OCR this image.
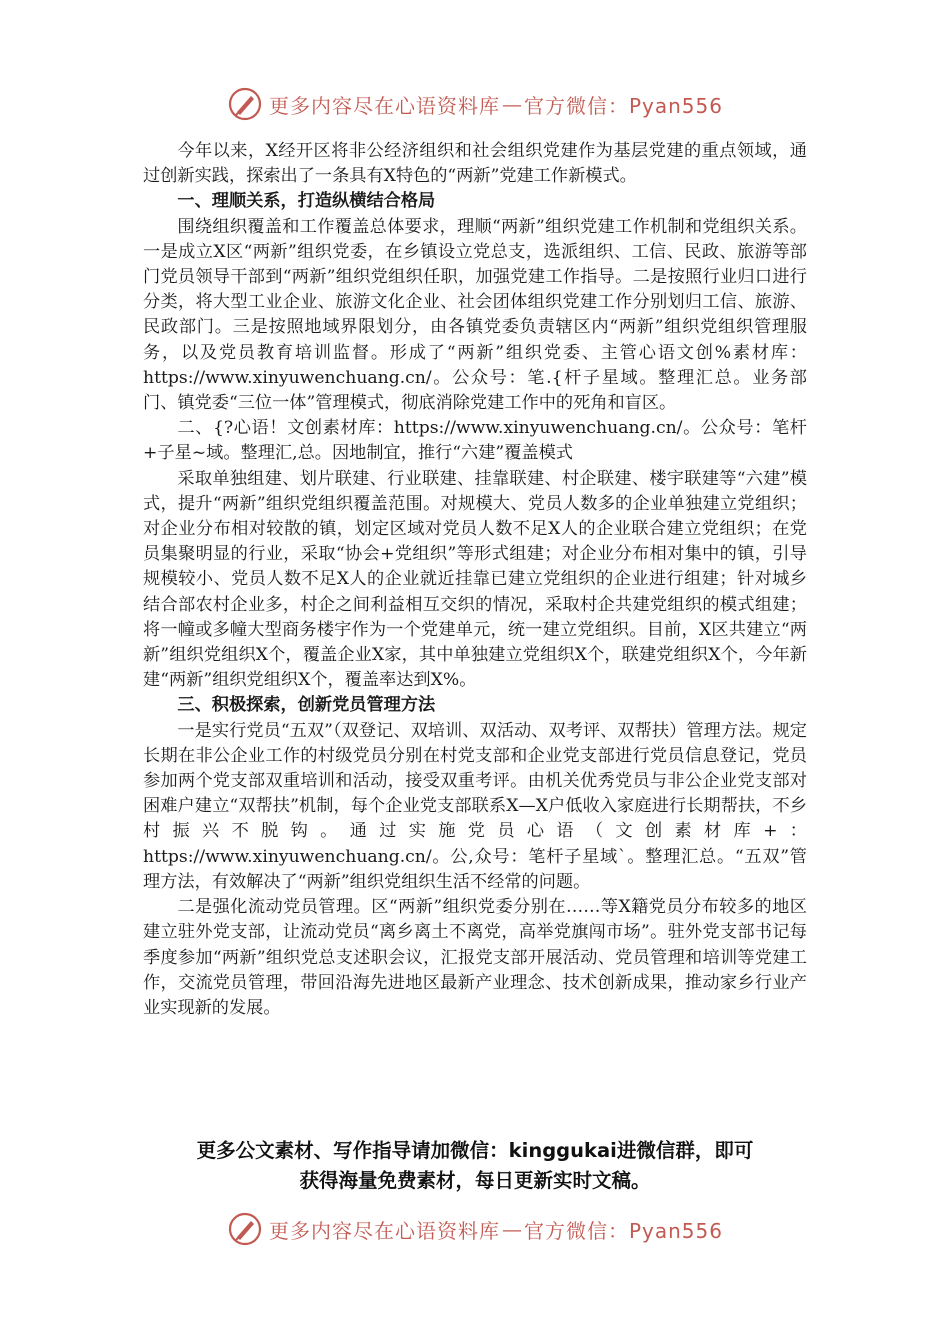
更多内容尽在心语资料库 — 官方微信：Pyan556

今年以来，X经开区将非公经济组织和社会组织党建作为基层党建的重点领域，通过创新实践，探索出了一条具有X特色的“两新”党建工作新模式。

一、理顺关系，打造纵横结合格局

围绕组织覆盖和工作覆盖总体要求，理顺“两新”组织党建工作机制和党组织关系。一是成立X区“两新”组织党委，在乡镇设立党总支，选派组织、工信、民政、旅游等部门党员领导干部到“两新”组织党组织任职，加强党建工作指导。二是按照行业归口进行分类，将大型工业企业、旅游文化企业、社会团体组织党建工作分别划归工信、旅游、民政部门。三是按照地域界限划分，由各镇党委负责辖区内“两新”组织党组织管理服务，以及党员教育培训监督。形成了“两新”组织党委、主管心语文创%素材库：https://www.xinyuwenchuang.cn/。公众号：笔.{杆子星域。整理汇总。业务部门、镇党委“三位一体”管理模式，彻底消除党建工作中的死角和盲区。

二、{?心语！文创素材库：https://www.xinyuwenchuang.cn/。公众号：笔杆+子星~域。整理汇,总。因地制宜，推行“六建”覆盖模式

采取单独组建、划片联建、行业联建、挂靠联建、村企联建、楼宇联建等“六建”模式，提升“两新”组织党组织覆盖范围。对规模大、党员人数多的企业单独建立党组织；对企业分布相对较散的镇，划定区域对党员人数不足X人的企业联合建立党组织；在党员集聚明显的行业，采取“协会+党组织”等形式组建；对企业分布相对集中的镇，引导规模较小、党员人数不足X人的企业就近挂靠已建立党组织的企业进行组建；针对城乡结合部农村企业多，村企之间利益相互交织的情况，采取村企共建党组织的模式组建；将一幢或多幢大型商务楼宇作为一个党建单元，统一建立党组织。目前，X区共建立“两新”组织党组织X个，覆盖企业X家，其中单独建立党组织X个，联建党组织X个，今年新建“两新”组织党组织X个，覆盖率达到X%。

三、积极探索，创新党员管理方法

一是实行党员“五双”（双登记、双培训、双活动、双考评、双帮扶）管理方法。规定长期在非公企业工作的村级党员分别在村党支部和企业党支部进行党员信息登记，党员参加两个党支部双重培训和活动，接受双重考评。由机关优秀党员与非公企业党支部对困难户建立“双帮扶”机制，每个企业党支部联系X—X户低收入家庭进行长期帮扶，不乡村振兴不脱钩。通过实施党员心语（文创素材库+：https://www.xinyuwenchuang.cn/。公,众号：笔杆子星域`。整理汇总。“五双”管理方法，有效解决了“两新”组织党组织生活不经常的问题。

二是强化流动党员管理。区“两新”组织党委分别在……等X籍党员分布较多的地区建立驻外党支部，让流动党员“离乡离土不离党，高举党旗闯市场”。驻外党支部书记每季度参加“两新”组织党总支述职会议，汇报党支部开展活动、党员管理和培训等党建工作，交流党员管理，带回沿海先进地区最新产业理念、技术创新成果，推动家乡行业产业实现新的发展。

更多公文素材、写作指导请加微信：kinggukai进微信群，即可
获得海量免费素材，每日更新实时文稿。
更多内容尽在心语资料库 — 官方微信：Pyan556
